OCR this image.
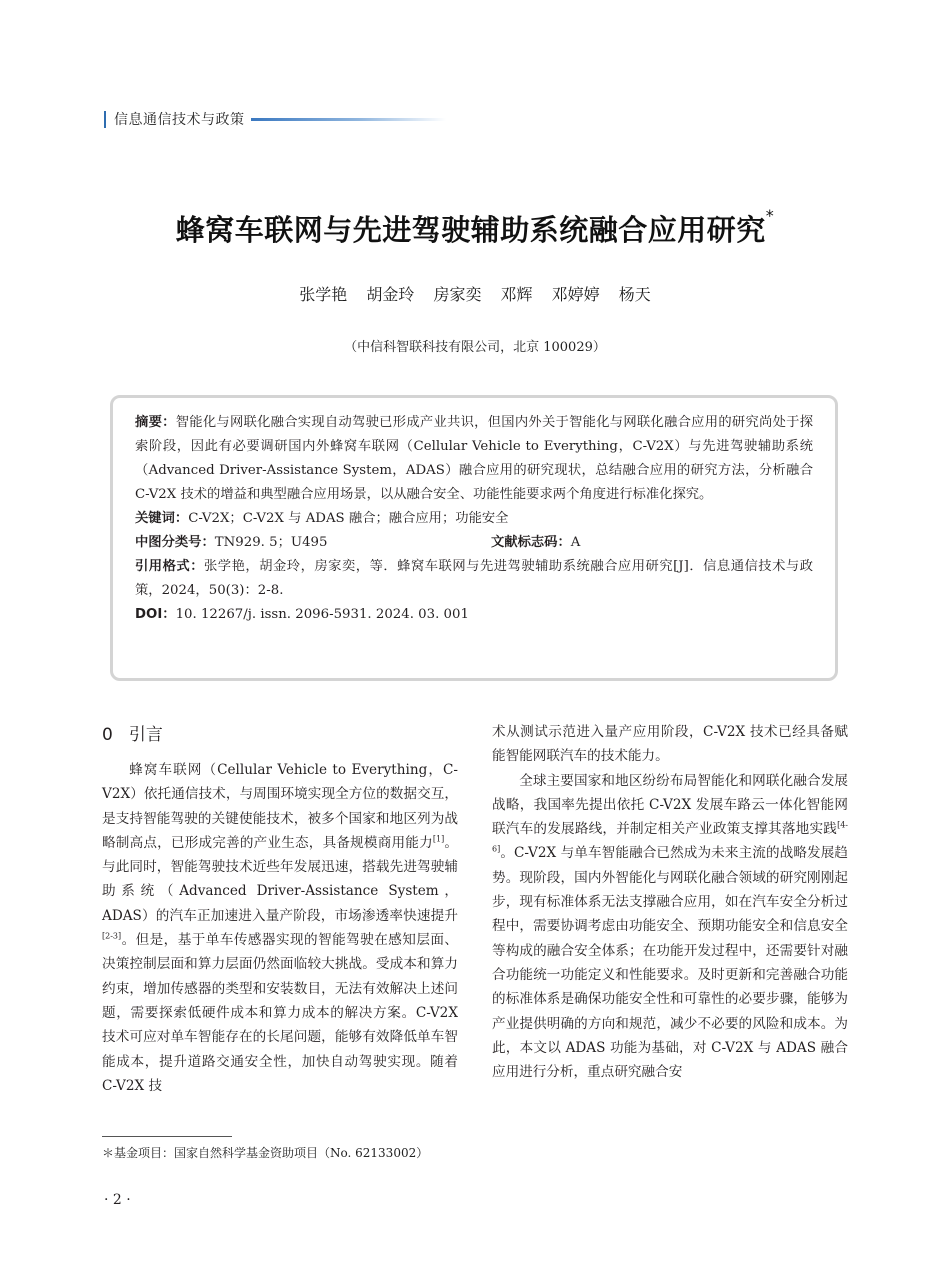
信息通信技术与政策
蜂窝车联网与先进驾驶辅助系统融合应用研究*
张学艳 胡金玲 房家奕 邓辉 邓婷婷 杨天
（中信科智联科技有限公司，北京 100029）

摘要：智能化与网联化融合实现自动驾驶已形成产业共识，但国内外关于智能化与网联化融合应用的研究尚处于探索阶段，因此有必要调研国内外蜂窝车联网（Cellular Vehicle to Everything，C-V2X）与先进驾驶辅助系统（Advanced Driver-Assistance System，ADAS）融合应用的研究现状，总结融合应用的研究方法，分析融合 C-V2X 技术的增益和典型融合应用场景，以从融合安全、功能性能要求两个角度进行标准化探究。

关键词：C-V2X；C-V2X 与 ADAS 融合；融合应用；功能安全

中图分类号：TN929. 5；U495	文献标志码：A

引用格式：张学艳，胡金玲，房家奕，等．蜂窝车联网与先进驾驶辅助系统融合应用研究[J]．信息通信技术与政策，2024，50(3)：2-8.

DOI：10. 12267/j. issn. 2096-5931. 2024. 03. 001

0 引言

蜂窝车联网（Cellular Vehicle to Everything，C-V2X）依托通信技术，与周围环境实现全方位的数据交互，是支持智能驾驶的关键使能技术，被多个国家和地区列为战略制高点，已形成完善的产业生态，具备规模商用能力[1]。与此同时，智能驾驶技术近些年发展迅速，搭载先进驾驶辅助系统（Advanced Driver-Assistance System，ADAS）的汽车正加速进入量产阶段，市场渗透率快速提升[2-3]。但是，基于单车传感器实现的智能驾驶在感知层面、决策控制层面和算力层面仍然面临较大挑战。受成本和算力约束，增加传感器的类型和安装数目，无法有效解决上述问题，需要探索低硬件成本和算力成本的解决方案。C-V2X 技术可应对单车智能存在的长尾问题，能够有效降低单车智能成本，提升道路交通安全性，加快自动驾驶实现。随着 C-V2X 技

术从测试示范进入量产应用阶段，C-V2X 技术已经具备赋能智能网联汽车的技术能力。

全球主要国家和地区纷纷布局智能化和网联化融合发展战略，我国率先提出依托 C-V2X 发展车路云一体化智能网联汽车的发展路线，并制定相关产业政策支撑其落地实践[4-6]。C-V2X 与单车智能融合已然成为未来主流的战略发展趋势。现阶段，国内外智能化与网联化融合领域的研究刚刚起步，现有标准体系无法支撑融合应用，如在汽车安全分析过程中，需要协调考虑由功能安全、预期功能安全和信息安全等构成的融合安全体系；在功能开发过程中，还需要针对融合功能统一功能定义和性能要求。及时更新和完善融合功能的标准体系是确保功能安全性和可靠性的必要步骤，能够为产业提供明确的方向和规范，减少不必要的风险和成本。为此，本文以 ADAS 功能为基础，对 C-V2X 与 ADAS 融合应用进行分析，重点研究融合安

＊基金项目：国家自然科学基金资助项目（No. 62133002）
· 2 ·
